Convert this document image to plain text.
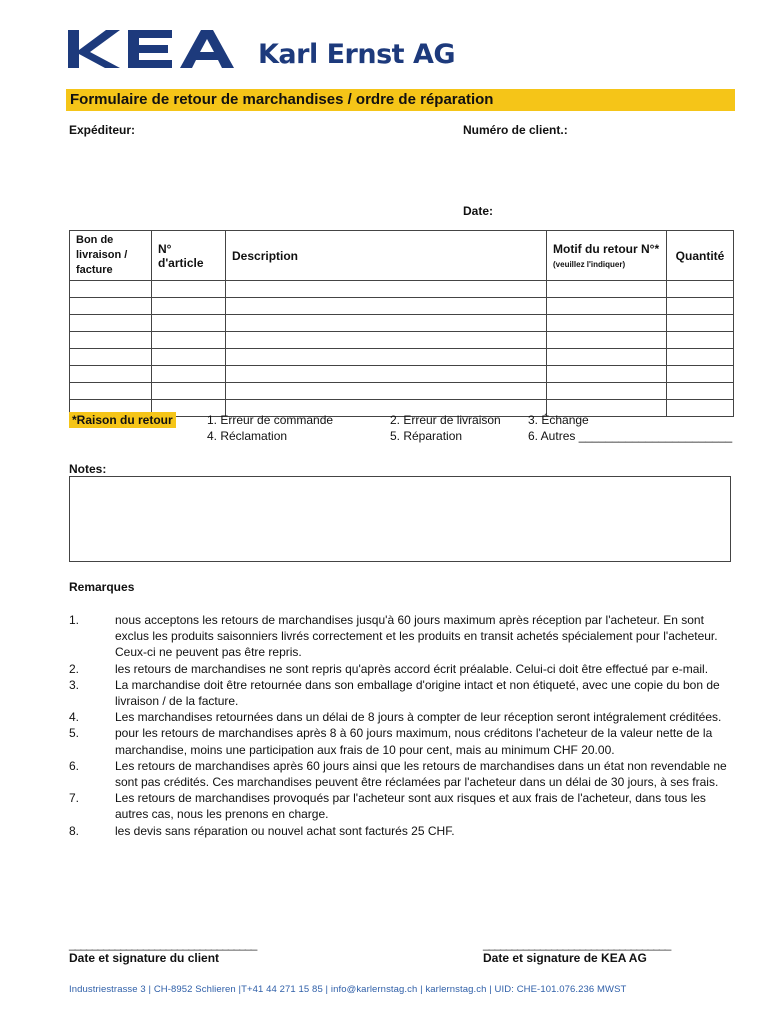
Karl Ernst AG
Formulaire de retour de marchandises / ordre de réparation
Expéditeur:	Numéro de client.:
Date:
Bon de livraison / facture	N° d'article	Description	Motif du retour N°* (veuillez l'indiquer)	Quantité

*Raison du retour	1. Erreur de commande	2. Erreur de livraison 3. Échange
4. Réclamation	5. Réparation	6. Autres _______________________
Notes:
Remarques
1.	nous acceptons les retours de marchandises jusqu'à 60 jours maximum après réception par l'acheteur. En sont exclus les produits saisonniers livrés correctement et les produits en transit achetés spécialement pour l'acheteur. Ceux-ci ne peuvent pas être repris.
2.	les retours de marchandises ne sont repris qu'après accord écrit préalable. Celui-ci doit être effectué par e-mail.
3.	La marchandise doit être retournée dans son emballage d'origine intact et non étiqueté, avec une copie du bon de livraison / de la facture.
4.	Les marchandises retournées dans un délai de 8 jours à compter de leur réception seront intégralement créditées.
5.	pour les retours de marchandises après 8 à 60 jours maximum, nous créditons l'acheteur de la valeur nette de la marchandise, moins une participation aux frais de 10 pour cent, mais au minimum CHF 20.00.
6.	Les retours de marchandises après 60 jours ainsi que les retours de marchandises dans un état non revendable ne sont pas crédités. Ces marchandises peuvent être réclamées par l'acheteur dans un délai de 30 jours, à ses frais.
7.	Les retours de marchandises provoqués par l'acheteur sont aux risques et aux frais de l'acheteur, dans tous les autres cas, nous les prenons en charge.
8.	les devis sans réparation ou nouvel achat sont facturés 25 CHF.
_________________________________	_________________________________
Date et signature du client	Date et signature de KEA AG
Industriestrasse 3 | CH-8952 Schlieren |T+41 44 271 15 85 | info@karlernstag.ch | karlernstag.ch | UID: CHE-101.076.236 MWST
